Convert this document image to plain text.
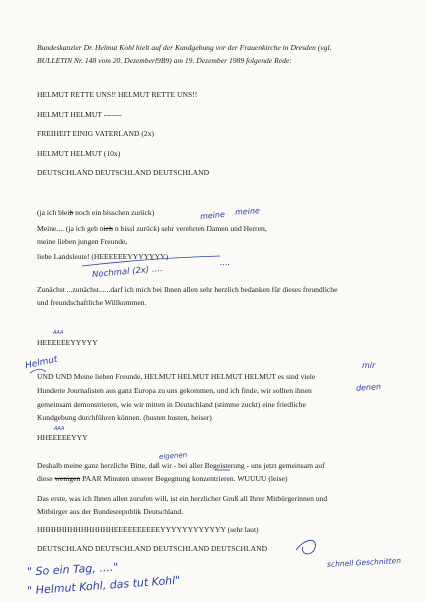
Bundeskanzler Dr. Helmut Kohl hielt auf der Kundgebung vor der Frauenkirche in Dresden (vgl.
BULLETIN Nr. 148 vom 20. Dezemberl9B9) am 19. Dezember 1989 folgende Rede:
HELMUT RETTE UNS!! HELMUT RETTE UNS!!
HELMUT HELMUT -------
FREIHEIT EINIG VATERLAND (2x)
HELMUT HELMUT (10x)
DEUTSCHLAND DEUTSCHLAND DEUTSCHLAND
(ja ich bleib noch ein bisschen zurück)
Meine.... (ja ich geh nich n bissl zurück) sehr verehrten Damen und Herren,
meine lieben jungen Freunde,
liebe Landsleute! (HEEEEEEYYYYYYY)
Zunächst ...zunächst......darf ich mich bei Ihnen allen sehr herzlich bedanken für dieses freundliche
und freundschaftliche Willkommen.
HEEEEEEYYYYY
UND UND Meine lieben Freunde, HELMUT HELMUT HELMUT HELMUT es sind viele
Hunderte Journalisten aus ganz Europa zu uns gekommen, und ich finde, wir sollten ihnen
gemeinsam demonstrieren, wie wir mitten in Deutschland (stimme zuckt) eine friedliche
Kundgebung durchführen können. (husten husten, heiser)
HHEEEEEYYY
Deshalb meine ganz herzliche Bitte, daß wir - bei aller Begeisterung - uns jetzt gemeinsam auf
diese wenigen PAAR Minuten unserer Begegnung konzentrieren. WUUUU (leise)
Das erste, was ich Ihnen allen zurufen will, ist ein herzlicher Gruß all Ihrer Mitbürgerinnen und
Mitbürger aus der Bundesrepublik Deutschland.
HHHHHHHHHHHHHHEEEEEEEEEEYYYYYYYYYYYY (sehr laut)
DEUTSCHLAND DEUTSCHLAND DEUTSCHLAND DEUTSCHLAND
meine meine
Nochmal (2x) ....
....
AAA
Helmut	mir
denen
AAA
eigenen
schnell Geschnitten
" So ein Tag, ...."
" Helmut Kohl, das tut Kohl"
